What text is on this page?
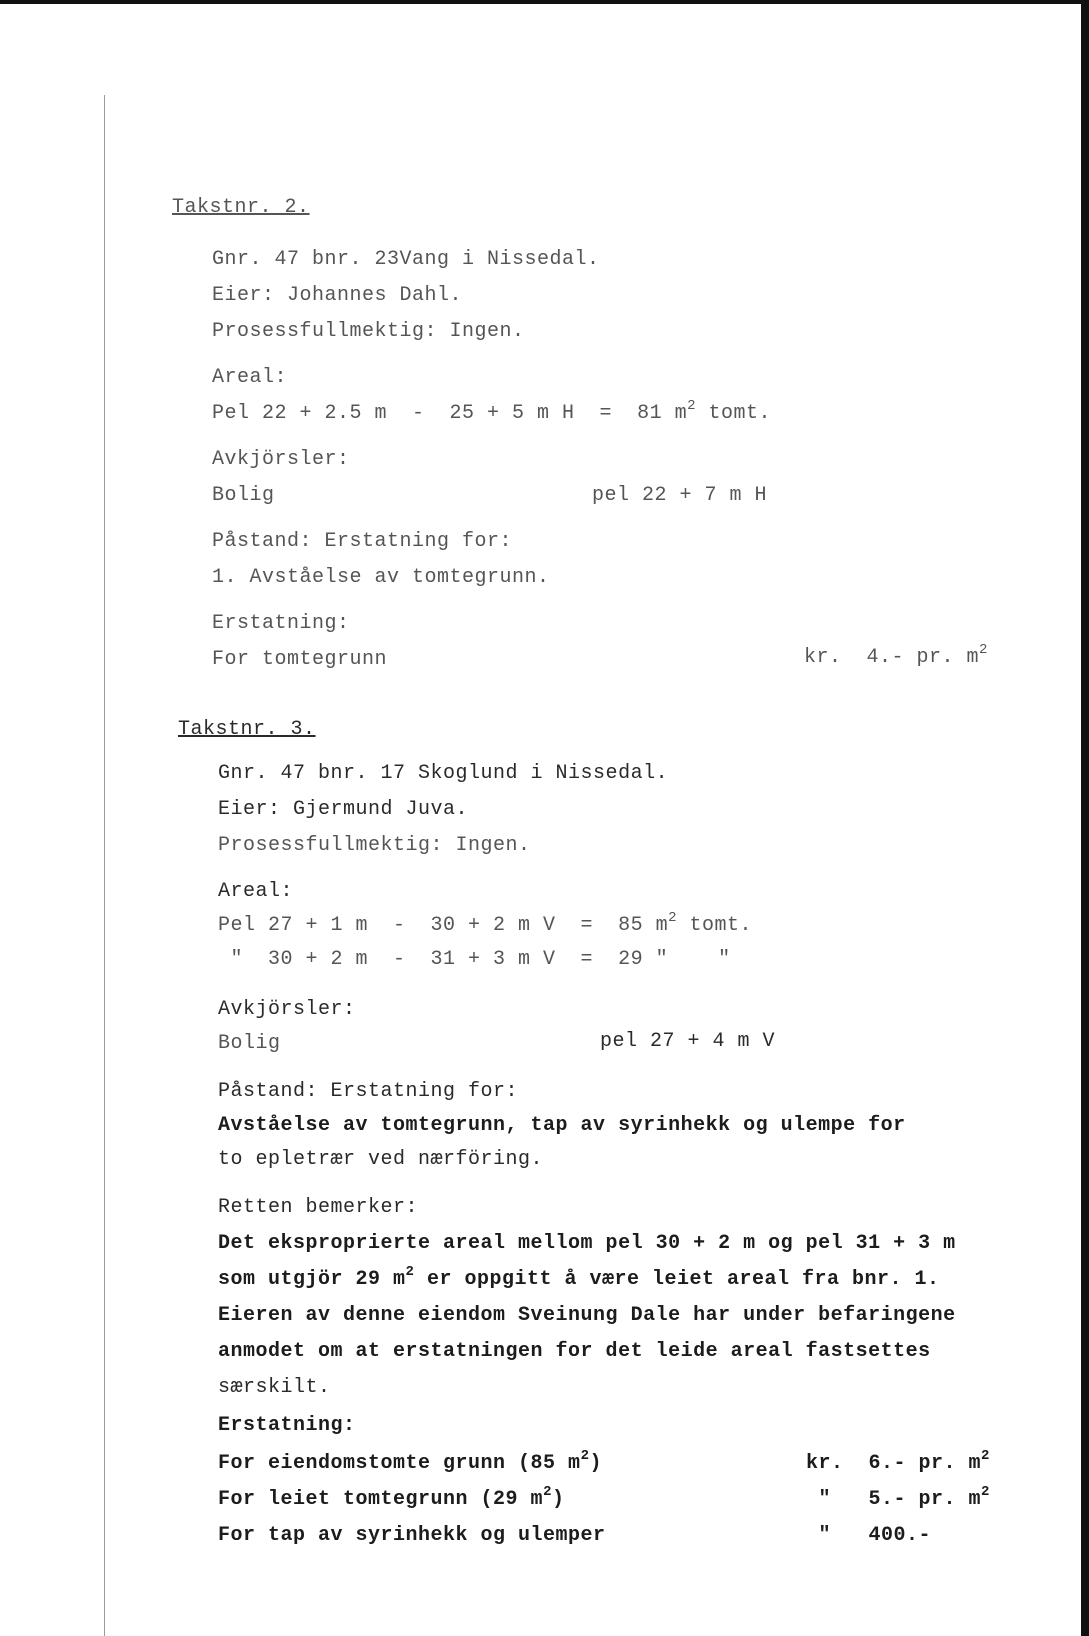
Takstnr. 2.
Gnr. 47 bnr. 23Vang i Nissedal.
Eier: Johannes Dahl.
Prosessfullmektig: Ingen.
Areal:
Pel 22 + 2.5 m  -  25 + 5 m H  =  81 $m^2$ tomt.
Avkjörsler:
Bolig	pel 22 + 7 m H
Påstand: Erstatning for:
1. Avståelse av tomtegrunn.
Erstatning:
For tomtegrunn	kr.  4.- pr. $m^2$
Takstnr. 3.
Gnr. 47 bnr. 17 Skoglund i Nissedal.
Eier: Gjermund Juva.
Prosessfullmektig: Ingen.
Areal:
Pel 27 + 1 m  -  30 + 2 m V  =  85 $m^2$ tomt.
"  30 + 2 m  -  31 + 3 m V  =  29 "    "
Avkjörsler:
Bolig	pel 27 + 4 m V
Påstand: Erstatning for:
Avståelse av tomtegrunn, tap av syrinhekk og ulempe for
to epletrær ved nærföring.
Retten bemerker:
Det eksproprierte areal mellom pel 30 + 2 m og pel 31 + 3 m
som utgjör 29 $m^2$ er oppgitt å være leiet areal fra bnr. 1.
Eieren av denne eiendom Sveinung Dale har under befaringene
anmodet om at erstatningen for det leide areal fastsettes
særskilt.
Erstatning:
For eiendomstomte grunn (85 $m^2$)	kr.  6.- pr. $m^2$
For leiet tomtegrunn (29 $m^2$)	"   5.- pr. $m^2$
For tap av syrinhekk og ulemper	"   400.-
